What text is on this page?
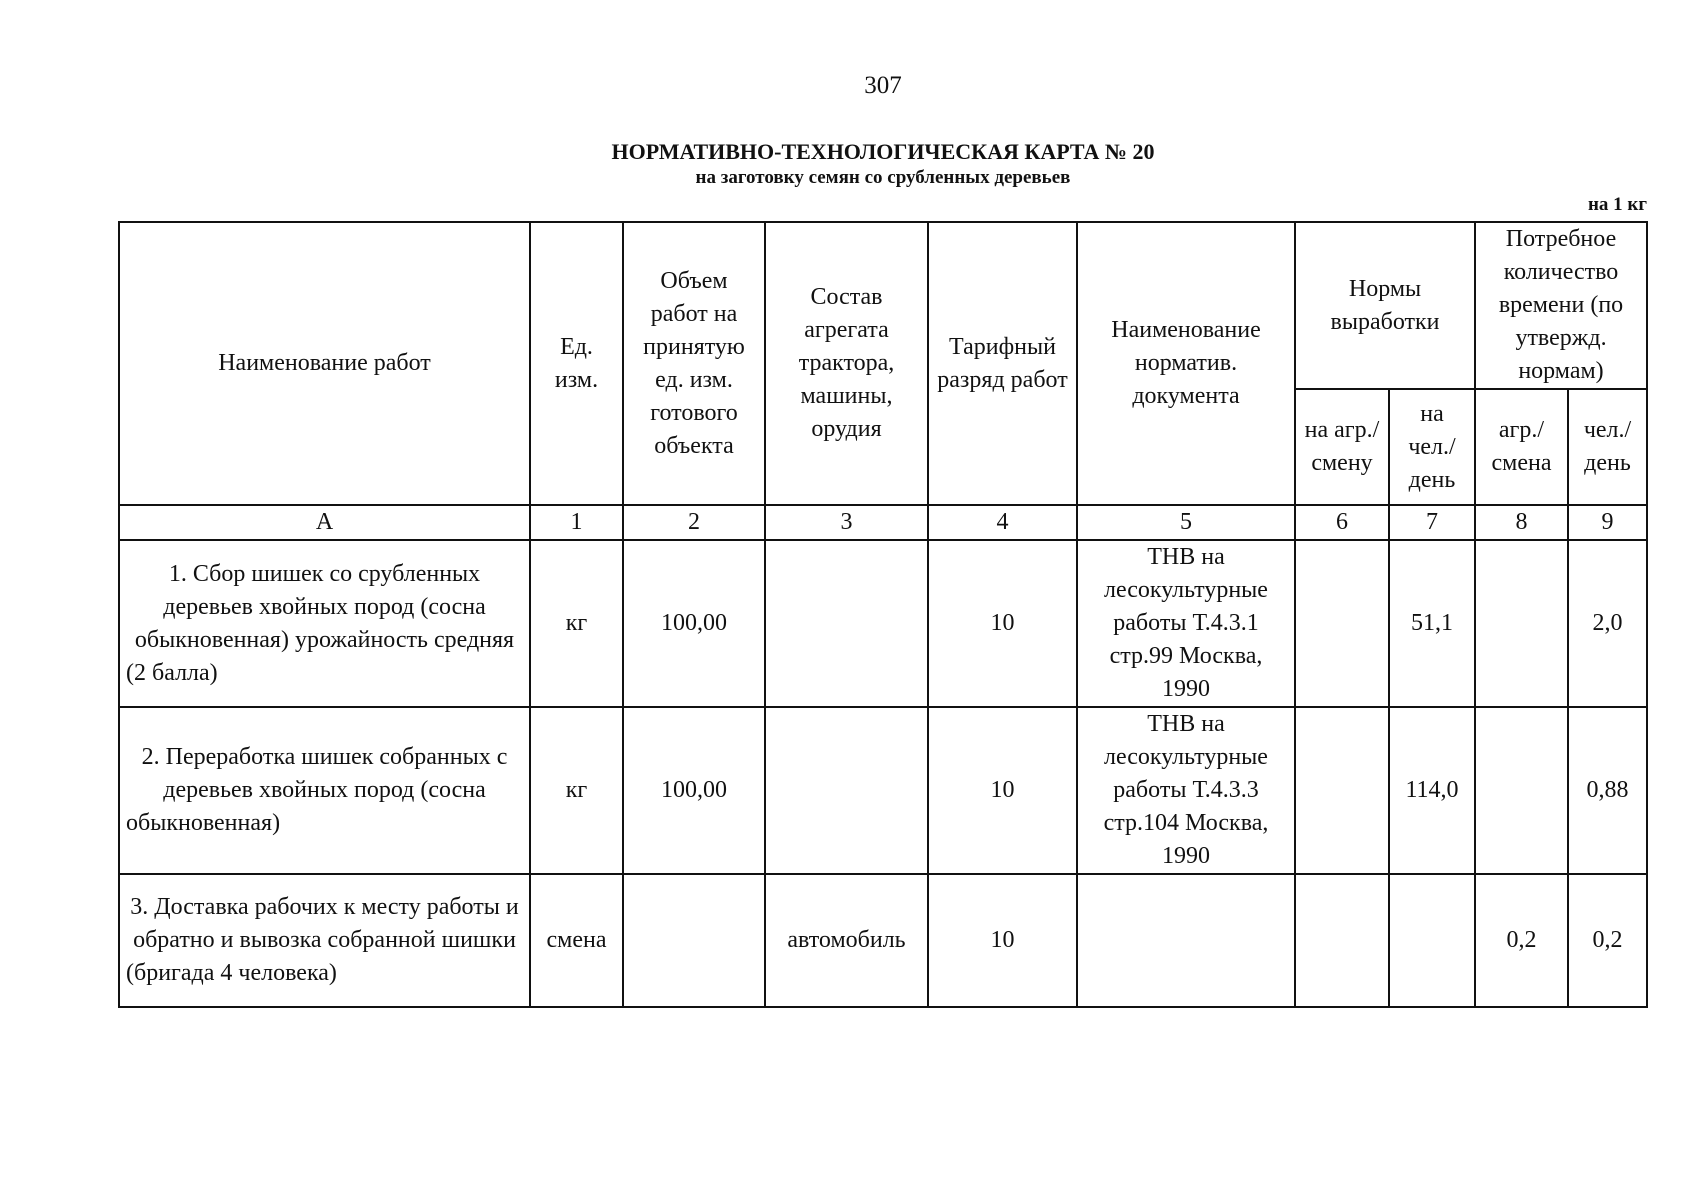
307
НОРМАТИВНО-ТЕХНОЛОГИЧЕСКАЯ КАРТА № 20
на заготовку семян со срубленных деревьев
на 1 кг
Наименование работ	Ед. изм.	Объем работ на принятую ед. изм. готового объекта	Состав агрегата трактора, машины, орудия	Тарифный разряд работ	Наименование норматив. документа	Нормы выработки		Потребное количество времени (по утвержд. нормам)	
						на агр./ смену	на чел./ день	агр./ смена	чел./ день
А	1	2	3	4	5	6	7	8	9
1. Сбор шишек со срубленных деревьев хвойных пород (сосна обыкновенная) урожайность средняя (2 балла)	кг	100,00		10	ТНВ на лесокультурные работы Т.4.3.1 стр.99 Москва, 1990		51,1		2,0
2. Переработка шишек собранных с деревьев хвойных пород (сосна обыкновенная)	кг	100,00		10	ТНВ на лесокультурные работы Т.4.3.3 стр.104 Москва, 1990		114,0		0,88
3. Доставка рабочих к месту работы и обратно и вывозка собранной шишки (бригада 4 человека)	смена		автомобиль	10				0,2	0,2
